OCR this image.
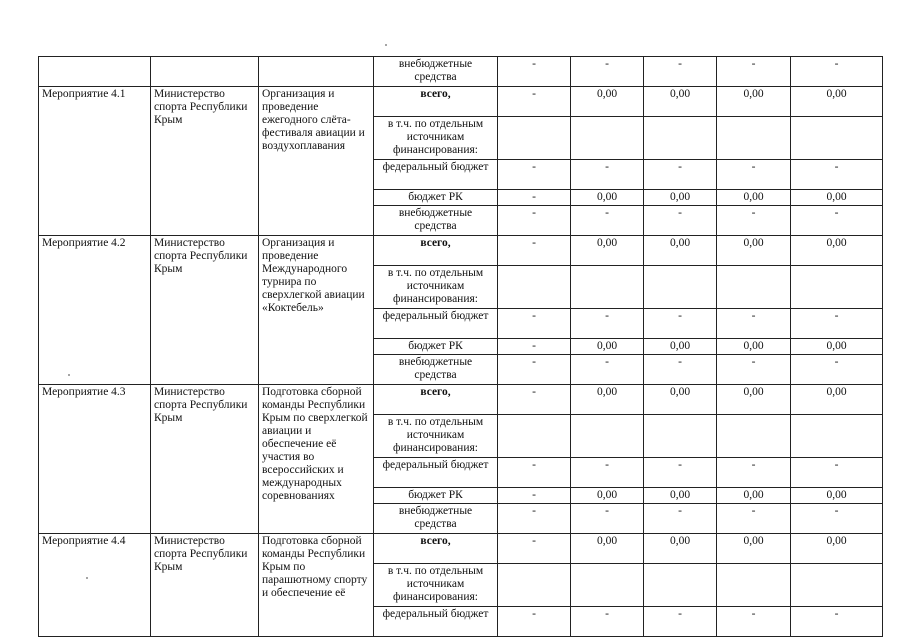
			внебюджетные средства	-	-	-	-	-
Мероприятие 4.1	Министерство спорта Республики Крым	Организация и проведение ежегодного слёта-фестиваля авиации и воздухоплавания	всего,	-	0,00	0,00	0,00	0,00
			в т.ч. по отдельным источникам финансирования:					
			федеральный бюджет	-	-	-	-	-
			бюджет РК	-	0,00	0,00	0,00	0,00
			внебюджетные средства	-	-	-	-	-
Мероприятие 4.2	Министерство спорта Республики Крым	Организация и проведение Международного турнира по сверхлегкой авиации «Коктебель»	всего,	-	0,00	0,00	0,00	0,00
			в т.ч. по отдельным источникам финансирования:					
			федеральный бюджет	-	-	-	-	-
			бюджет РК	-	0,00	0,00	0,00	0,00
			внебюджетные средства	-	-	-	-	-
Мероприятие 4.3	Министерство спорта Республики Крым	Подготовка сборной команды Республики Крым по сверхлегкой авиации и обеспечение её участия во всероссийских и международных соревнованиях	всего,	-	0,00	0,00	0,00	0,00
			в т.ч. по отдельным источникам финансирования:					
			федеральный бюджет	-	-	-	-	-
			бюджет РК	-	0,00	0,00	0,00	0,00
			внебюджетные средства	-	-	-	-	-
Мероприятие 4.4	Министерство спорта Республики Крым	Подготовка сборной команды Республики Крым по парашютному спорту и обеспечение её	всего,	-	0,00	0,00	0,00	0,00
			в т.ч. по отдельным источникам финансирования:					
			федеральный бюджет	-	-	-	-	-
